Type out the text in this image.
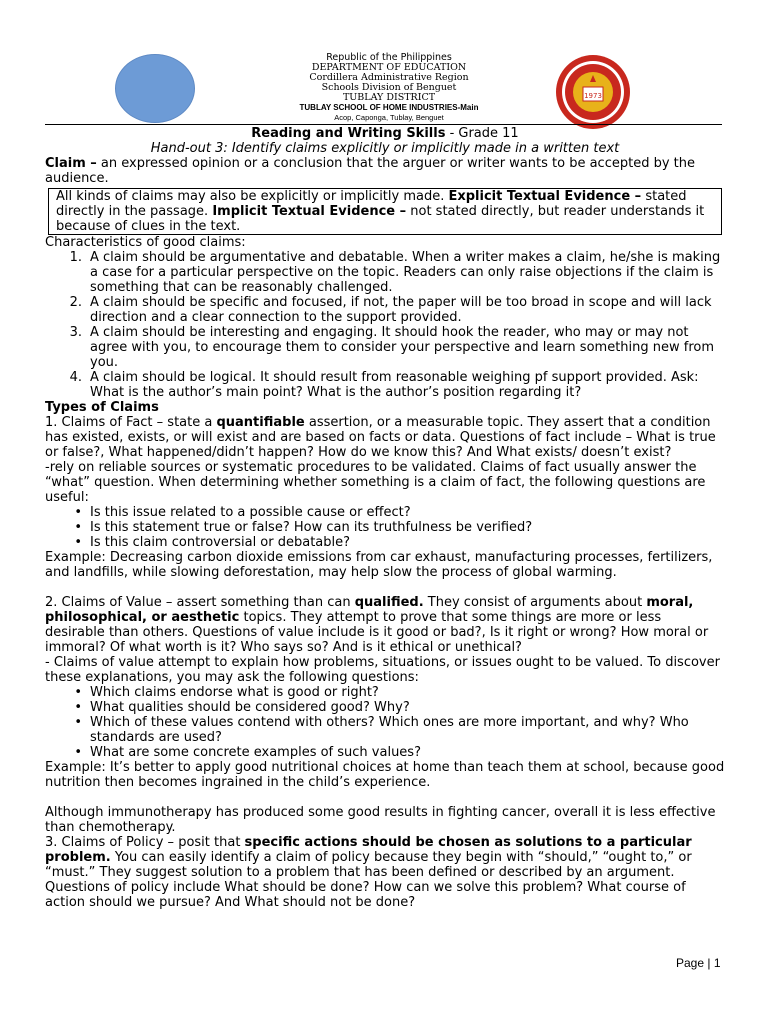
1973
Republic of the Philippines
DEPARTMENT OF EDUCATION
Cordillera Administrative Region
Schools Division of Benguet
TUBLAY DISTRICT
TUBLAY SCHOOL OF HOME INDUSTRIES-Main
Acop, Caponga, Tublay, Benguet
Reading and Writing Skills - Grade 11
Hand-out 3: Identify claims explicitly or implicitly made in a written text
Claim – an expressed opinion or a conclusion that the arguer or writer wants to be accepted by the audience.
All kinds of claims may also be explicitly or implicitly made. Explicit Textual Evidence – stated directly in the passage. Implicit Textual Evidence – not stated directly, but reader understands it because of clues in the text.
Characteristics of good claims:
1. A claim should be argumentative and debatable. When a writer makes a claim, he/she is making a case for a particular perspective on the topic. Readers can only raise objections if the claim is something that can be reasonably challenged.
2. A claim should be specific and focused, if not, the paper will be too broad in scope and will lack direction and a clear connection to the support provided.
3. A claim should be interesting and engaging. It should hook the reader, who may or may not agree with you, to encourage them to consider your perspective and learn something new from you.
4. A claim should be logical. It should result from reasonable weighing pf support provided. Ask: What is the author’s main point? What is the author’s position regarding it?
Types of Claims
1. Claims of Fact – state a quantifiable assertion, or a measurable topic. They assert that a condition has existed, exists, or will exist and are based on facts or data. Questions of fact include – What is true or false?, What happened/didn’t happen? How do we know this? And What exists/ doesn’t exist?
-rely on reliable sources or systematic procedures to be validated. Claims of fact usually answer the “what” question. When determining whether something is a claim of fact, the following questions are useful:
• Is this issue related to a possible cause or effect?
• Is this statement true or false? How can its truthfulness be verified?
• Is this claim controversial or debatable?
Example: Decreasing carbon dioxide emissions from car exhaust, manufacturing processes, fertilizers, and landfills, while slowing deforestation, may help slow the process of global warming.
2. Claims of Value – assert something than can qualified. They consist of arguments about moral, philosophical, or aesthetic topics. They attempt to prove that some things are more or less desirable than others. Questions of value include is it good or bad?, Is it right or wrong? How moral or immoral? Of what worth is it? Who says so? And is it ethical or unethical?
- Claims of value attempt to explain how problems, situations, or issues ought to be valued. To discover these explanations, you may ask the following questions:
• Which claims endorse what is good or right?
• What qualities should be considered good? Why?
• Which of these values contend with others? Which ones are more important, and why? Who standards are used?
• What are some concrete examples of such values?
Example: It’s better to apply good nutritional choices at home than teach them at school, because good nutrition then becomes ingrained in the child’s experience.
Although immunotherapy has produced some good results in fighting cancer, overall it is less effective than chemotherapy.
3. Claims of Policy – posit that specific actions should be chosen as solutions to a particular problem. You can easily identify a claim of policy because they begin with “should,” “ought to,” or “must.” They suggest solution to a problem that has been defined or described by an argument. Questions of policy include What should be done? How can we solve this problem? What course of action should we pursue? And What should not be done?
Page | 1
